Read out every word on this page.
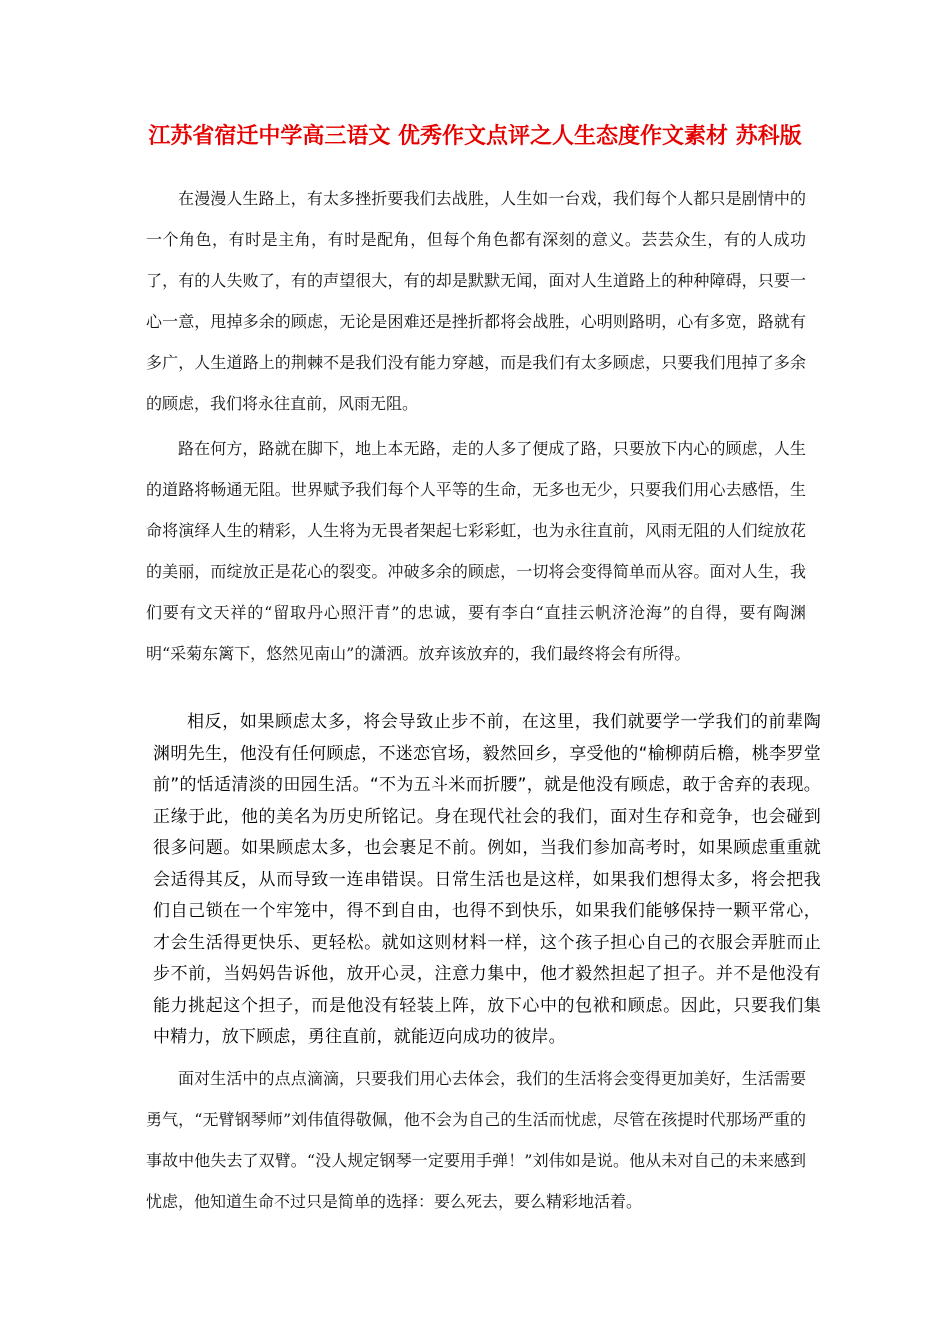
江苏省宿迁中学高三语文 优秀作文点评之人生态度作文素材 苏科版

在漫漫人生路上，有太多挫折要我们去战胜，人生如一台戏，我们每个人都只是剧情中的一个角色，有时是主角，有时是配角，但每个角色都有深刻的意义。芸芸众生，有的人成功了，有的人失败了，有的声望很大，有的却是默默无闻，面对人生道路上的种种障碍，只要一心一意，甩掉多余的顾虑，无论是困难还是挫折都将会战胜，心明则路明，心有多宽，路就有多广，人生道路上的荆棘不是我们没有能力穿越，而是我们有太多顾虑，只要我们甩掉了多余的顾虑，我们将永往直前，风雨无阻。

路在何方，路就在脚下，地上本无路，走的人多了便成了路，只要放下内心的顾虑，人生的道路将畅通无阻。世界赋予我们每个人平等的生命，无多也无少，只要我们用心去感悟，生命将演绎人生的精彩，人生将为无畏者架起七彩彩虹，也为永往直前，风雨无阻的人们绽放花的美丽，而绽放正是花心的裂变。冲破多余的顾虑，一切将会变得简单而从容。面对人生，我们要有文天祥的“留取丹心照汗青”的忠诚，要有李白“直挂云帆济沧海”的自得，要有陶渊明“采菊东篱下，悠然见南山”的潇洒。放弃该放弃的，我们最终将会有所得。

相反，如果顾虑太多，将会导致止步不前，在这里，我们就要学一学我们的前辈陶渊明先生，他没有任何顾虑，不迷恋官场，毅然回乡，享受他的“榆柳荫后檐，桃李罗堂前”的恬适清淡的田园生活。“不为五斗米而折腰”，就是他没有顾虑，敢于舍弃的表现。正缘于此，他的美名为历史所铭记。身在现代社会的我们，面对生存和竞争，也会碰到很多问题。如果顾虑太多，也会裹足不前。例如，当我们参加高考时，如果顾虑重重就会适得其反，从而导致一连串错误。日常生活也是这样，如果我们想得太多，将会把我们自己锁在一个牢笼中，得不到自由，也得不到快乐，如果我们能够保持一颗平常心，才会生活得更快乐、更轻松。就如这则材料一样，这个孩子担心自己的衣服会弄脏而止步不前，当妈妈告诉他，放开心灵，注意力集中，他才毅然担起了担子。并不是他没有能力挑起这个担子，而是他没有轻装上阵，放下心中的包袱和顾虑。因此，只要我们集中精力，放下顾虑，勇往直前，就能迈向成功的彼岸。

面对生活中的点点滴滴，只要我们用心去体会，我们的生活将会变得更加美好，生活需要勇气，“无臂钢琴师”刘伟值得敬佩，他不会为自己的生活而忧虑，尽管在孩提时代那场严重的事故中他失去了双臂。“没人规定钢琴一定要用手弹！”刘伟如是说。他从未对自己的未来感到忧虑，他知道生命不过只是简单的选择：要么死去，要么精彩地活着。
